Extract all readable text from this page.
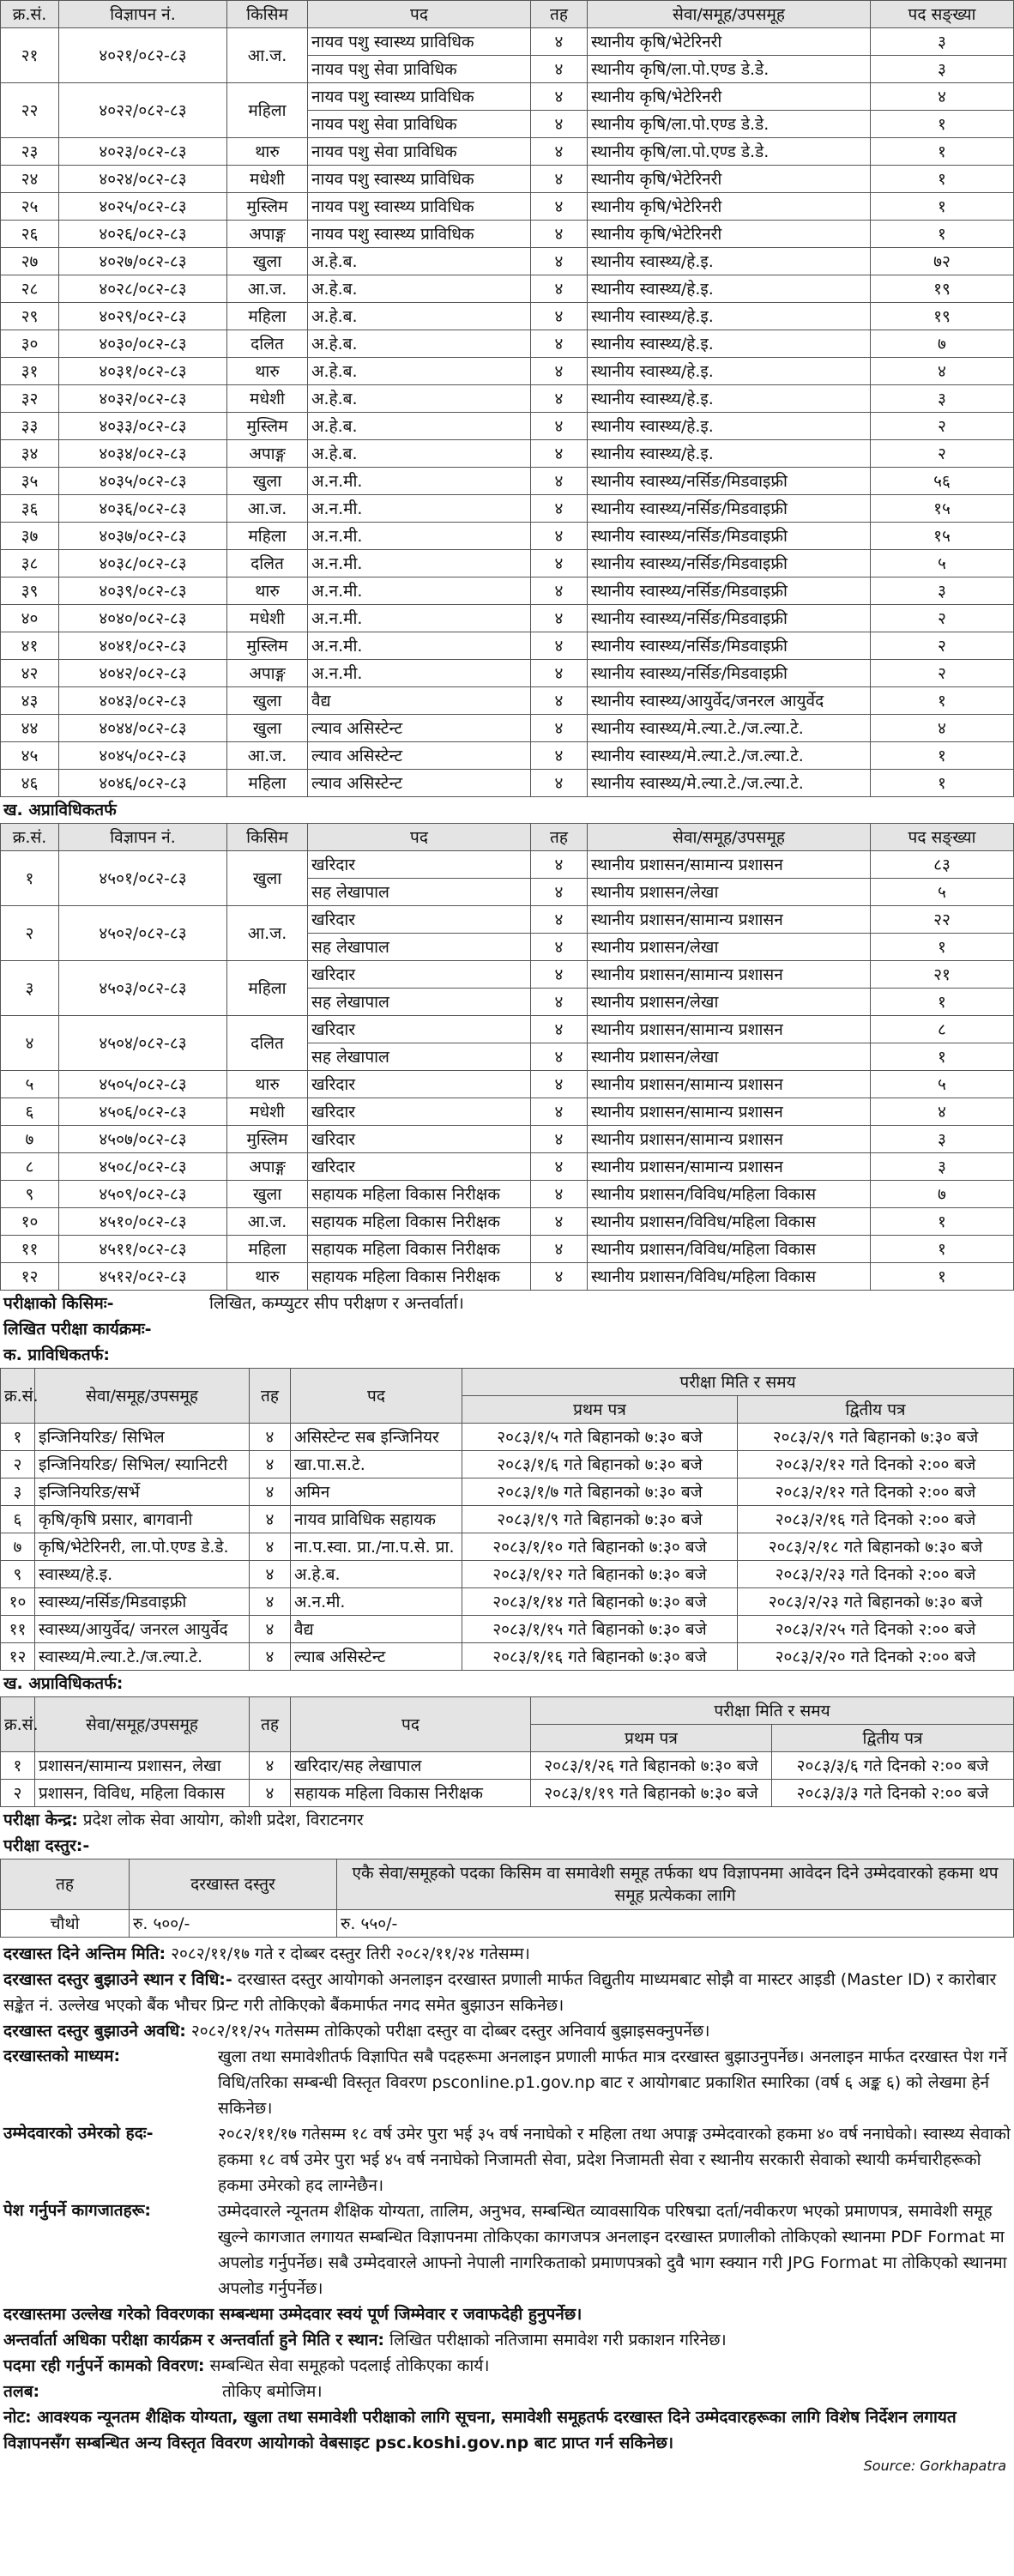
क्र.सं.	विज्ञापन नं.	किसिम	पद	तह	सेवा/समूह/उपसमूह	पद सङ्ख्या
२१	४०२१/०८२-८३	आ.ज.	नायव पशु स्वास्थ्य प्राविधिक	४	स्थानीय कृषि/भेटेरिनरी	३
			नायव पशु सेवा प्राविधिक	४	स्थानीय कृषि/ला.पो.एण्ड डे.डे.	३
२२	४०२२/०८२-८३	महिला	नायव पशु स्वास्थ्य प्राविधिक	४	स्थानीय कृषि/भेटेरिनरी	४
			नायव पशु सेवा प्राविधिक	४	स्थानीय कृषि/ला.पो.एण्ड डे.डे.	१
२३	४०२३/०८२-८३	थारु	नायव पशु सेवा प्राविधिक	४	स्थानीय कृषि/ला.पो.एण्ड डे.डे.	१
२४	४०२४/०८२-८३	मधेशी	नायव पशु स्वास्थ्य प्राविधिक	४	स्थानीय कृषि/भेटेरिनरी	१
२५	४०२५/०८२-८३	मुस्लिम	नायव पशु स्वास्थ्य प्राविधिक	४	स्थानीय कृषि/भेटेरिनरी	१
२६	४०२६/०८२-८३	अपाङ्ग	नायव पशु स्वास्थ्य प्राविधिक	४	स्थानीय कृषि/भेटेरिनरी	१
२७	४०२७/०८२-८३	खुला	अ.हे.ब.	४	स्थानीय स्वास्थ्य/हे.इ.	७२
२८	४०२८/०८२-८३	आ.ज.	अ.हे.ब.	४	स्थानीय स्वास्थ्य/हे.इ.	१९
२९	४०२९/०८२-८३	महिला	अ.हे.ब.	४	स्थानीय स्वास्थ्य/हे.इ.	१९
३०	४०३०/०८२-८३	दलित	अ.हे.ब.	४	स्थानीय स्वास्थ्य/हे.इ.	७
३१	४०३१/०८२-८३	थारु	अ.हे.ब.	४	स्थानीय स्वास्थ्य/हे.इ.	४
३२	४०३२/०८२-८३	मधेशी	अ.हे.ब.	४	स्थानीय स्वास्थ्य/हे.इ.	३
३३	४०३३/०८२-८३	मुस्लिम	अ.हे.ब.	४	स्थानीय स्वास्थ्य/हे.इ.	२
३४	४०३४/०८२-८३	अपाङ्ग	अ.हे.ब.	४	स्थानीय स्वास्थ्य/हे.इ.	२
३५	४०३५/०८२-८३	खुला	अ.न.मी.	४	स्थानीय स्वास्थ्य/नर्सिङ/मिडवाइफ्री	५६
३६	४०३६/०८२-८३	आ.ज.	अ.न.मी.	४	स्थानीय स्वास्थ्य/नर्सिङ/मिडवाइफ्री	१५
३७	४०३७/०८२-८३	महिला	अ.न.मी.	४	स्थानीय स्वास्थ्य/नर्सिङ/मिडवाइफ्री	१५
३८	४०३८/०८२-८३	दलित	अ.न.मी.	४	स्थानीय स्वास्थ्य/नर्सिङ/मिडवाइफ्री	५
३९	४०३९/०८२-८३	थारु	अ.न.मी.	४	स्थानीय स्वास्थ्य/नर्सिङ/मिडवाइफ्री	३
४०	४०४०/०८२-८३	मधेशी	अ.न.मी.	४	स्थानीय स्वास्थ्य/नर्सिङ/मिडवाइफ्री	२
४१	४०४१/०८२-८३	मुस्लिम	अ.न.मी.	४	स्थानीय स्वास्थ्य/नर्सिङ/मिडवाइफ्री	२
४२	४०४२/०८२-८३	अपाङ्ग	अ.न.मी.	४	स्थानीय स्वास्थ्य/नर्सिङ/मिडवाइफ्री	२
४३	४०४३/०८२-८३	खुला	वैद्य	४	स्थानीय स्वास्थ्य/आयुर्वेद/जनरल आयुर्वेद	१
४४	४०४४/०८२-८३	खुला	ल्याव असिस्टेन्ट	४	स्थानीय स्वास्थ्य/मे.ल्या.टे./ज.ल्या.टे.	४
४५	४०४५/०८२-८३	आ.ज.	ल्याव असिस्टेन्ट	४	स्थानीय स्वास्थ्य/मे.ल्या.टे./ज.ल्या.टे.	१
४६	४०४६/०८२-८३	महिला	ल्याव असिस्टेन्ट	४	स्थानीय स्वास्थ्य/मे.ल्या.टे./ज.ल्या.टे.	१
ख. अप्राविधिकतर्फ
क्र.सं.	विज्ञापन नं.	किसिम	पद	तह	सेवा/समूह/उपसमूह	पद सङ्ख्या
१	४५०१/०८२-८३	खुला	खरिदार	४	स्थानीय प्रशासन/सामान्य प्रशासन	८३
			सह लेखापाल	४	स्थानीय प्रशासन/लेखा	५
२	४५०२/०८२-८३	आ.ज.	खरिदार	४	स्थानीय प्रशासन/सामान्य प्रशासन	२२
			सह लेखापाल	४	स्थानीय प्रशासन/लेखा	१
३	४५०३/०८२-८३	महिला	खरिदार	४	स्थानीय प्रशासन/सामान्य प्रशासन	२१
			सह लेखापाल	४	स्थानीय प्रशासन/लेखा	१
४	४५०४/०८२-८३	दलित	खरिदार	४	स्थानीय प्रशासन/सामान्य प्रशासन	८
			सह लेखापाल	४	स्थानीय प्रशासन/लेखा	१
५	४५०५/०८२-८३	थारु	खरिदार	४	स्थानीय प्रशासन/सामान्य प्रशासन	५
६	४५०६/०८२-८३	मधेशी	खरिदार	४	स्थानीय प्रशासन/सामान्य प्रशासन	४
७	४५०७/०८२-८३	मुस्लिम	खरिदार	४	स्थानीय प्रशासन/सामान्य प्रशासन	३
८	४५०८/०८२-८३	अपाङ्ग	खरिदार	४	स्थानीय प्रशासन/सामान्य प्रशासन	३
९	४५०९/०८२-८३	खुला	सहायक महिला विकास निरीक्षक	४	स्थानीय प्रशासन/विविध/महिला विकास	७
१०	४५१०/०८२-८३	आ.ज.	सहायक महिला विकास निरीक्षक	४	स्थानीय प्रशासन/विविध/महिला विकास	१
११	४५११/०८२-८३	महिला	सहायक महिला विकास निरीक्षक	४	स्थानीय प्रशासन/विविध/महिला विकास	१
१२	४५१२/०८२-८३	थारु	सहायक महिला विकास निरीक्षक	४	स्थानीय प्रशासन/विविध/महिला विकास	१
परीक्षाको किसिमः-	लिखित, कम्प्युटर सीप परीक्षण र अन्तर्वार्ता।
लिखित परीक्षा कार्यक्रमः-
क. प्राविधिकतर्फ:
क्र.सं.	सेवा/समूह/उपसमूह	तह	पद	परीक्षा मिति र समय	
				प्रथम पत्र	द्वितीय पत्र
१	इन्जिनियरिङ/ सिभिल	४	असिस्टेन्ट सब इन्जिनियर	२०८३/१/५ गते बिहानको ७:३० बजे	२०८३/२/९ गते बिहानको ७:३० बजे
२	इन्जिनियरिङ/ सिभिल/ स्यानिटरी	४	खा.पा.स.टे.	२०८३/१/६ गते बिहानको ७:३० बजे	२०८३/२/१२ गते दिनको २:०० बजे
३	इन्जिनियरिङ/सर्भे	४	अमिन	२०८३/१/७ गते बिहानको ७:३० बजे	२०८३/२/१२ गते दिनको २:०० बजे
६	कृषि/कृषि प्रसार, बागवानी	४	नायव प्राविधिक सहायक	२०८३/१/९ गते बिहानको ७:३० बजे	२०८३/२/१६ गते दिनको २:०० बजे
७	कृषि/भेटेरिनरी, ला.पो.एण्ड डे.डे.	४	ना.प.स्वा. प्रा./ना.प.से. प्रा.	२०८३/१/१० गते बिहानको ७:३० बजे	२०८३/२/१८ गते बिहानको ७:३० बजे
९	स्वास्थ्य/हे.इ.	४	अ.हे.ब.	२०८३/१/१२ गते बिहानको ७:३० बजे	२०८३/२/२३ गते दिनको २:०० बजे
१०	स्वास्थ्य/नर्सिङ/मिडवाइफ्री	४	अ.न.मी.	२०८३/१/१४ गते बिहानको ७:३० बजे	२०८३/२/२३ गते बिहानको ७:३० बजे
११	स्वास्थ्य/आयुर्वेद/ जनरल आयुर्वेद	४	वैद्य	२०८३/१/१५ गते बिहानको ७:३० बजे	२०८३/२/२५ गते दिनको २:०० बजे
१२	स्वास्थ्य/मे.ल्या.टे./ज.ल्या.टे.	४	ल्याब असिस्टेन्ट	२०८३/१/१६ गते बिहानको ७:३० बजे	२०८३/२/२० गते दिनको २:०० बजे
ख. अप्राविधिकतर्फ:
क्र.सं.	सेवा/समूह/उपसमूह	तह	पद	परीक्षा मिति र समय	
				प्रथम पत्र	द्वितीय पत्र
१	प्रशासन/सामान्य प्रशासन, लेखा	४	खरिदार/सह लेखापाल	२०८३/१/२६ गते बिहानको ७:३० बजे	२०८३/३/६ गते दिनको २:०० बजे
२	प्रशासन, विविध, महिला विकास	४	सहायक महिला विकास निरीक्षक	२०८३/१/१९ गते बिहानको ७:३० बजे	२०८३/३/३ गते दिनको २:०० बजे
परीक्षा केन्द्र: प्रदेश लोक सेवा आयोग, कोशी प्रदेश, विराटनगर
परीक्षा दस्तुर:-
तह	दरखास्त दस्तुर	एकै सेवा/समूहको पदका किसिम वा समावेशी समूह तर्फका थप विज्ञापनमा आवेदन दिने उम्मेदवारको हकमा थप समूह प्रत्येकका लागि
चौथो	रु. ५००/-	रु. ५५०/-
दरखास्त दिने अन्तिम मिति: २०८२/११/१७ गते र दोब्बर दस्तुर तिरी २०८२/११/२४ गतेसम्म।
दरखास्त दस्तुर बुझाउने स्थान र विधि:- दरखास्त दस्तुर आयोगको अनलाइन दरखास्त प्रणाली मार्फत विद्युतीय माध्यमबाट सोझै वा मास्टर आइडी (Master ID) र कारोबार सङ्केत नं. उल्लेख भएको बैंक भौचर प्रिन्ट गरी तोकिएको बैंकमार्फत नगद समेत बुझाउन सकिनेछ।
दरखास्त दस्तुर बुझाउने अवधि: २०८२/११/२५ गतेसम्म तोकिएको परीक्षा दस्तुर वा दोब्बर दस्तुर अनिवार्य बुझाइसक्नुपर्नेछ।
दरखास्तको माध्यम:	खुला तथा समावेशीतर्फ विज्ञापित सबै पदहरूमा अनलाइन प्रणाली मार्फत मात्र दरखास्त बुझाउनुपर्नेछ। अनलाइन मार्फत दरखास्त पेश गर्ने विधि/तरिका सम्बन्धी विस्तृत विवरण psconline.p1.gov.np बाट र आयोगबाट प्रकाशित स्मारिका (वर्ष ६ अङ्क ६) को लेखमा हेर्न सकिनेछ।
उम्मेदवारको उमेरको हदः-	२०८२/११/१७ गतेसम्म १८ वर्ष उमेर पुरा भई ३५ वर्ष ननाघेको र महिला तथा अपाङ्ग उम्मेदवारको हकमा ४० वर्ष ननाघेको। स्वास्थ्य सेवाको हकमा १८ वर्ष उमेर पुरा भई ४५ वर्ष ननाघेको निजामती सेवा, प्रदेश निजामती सेवा र स्थानीय सरकारी सेवाको स्थायी कर्मचारीहरूको हकमा उमेरको हद लाग्नेछैन।
पेश गर्नुपर्ने कागजातहरू:	उम्मेदवारले न्यूनतम शैक्षिक योग्यता, तालिम, अनुभव, सम्बन्धित व्यावसायिक परिषद्मा दर्ता/नवीकरण भएको प्रमाणपत्र, समावेशी समूह खुल्ने कागजात लगायत सम्बन्धित विज्ञापनमा तोकिएका कागजपत्र अनलाइन दरखास्त प्रणालीको तोकिएको स्थानमा PDF Format मा अपलोड गर्नुपर्नेछ। सबै उम्मेदवारले आफ्नो नेपाली नागरिकताको प्रमाणपत्रको दुवै भाग स्क्यान गरी JPG Format मा तोकिएको स्थानमा अपलोड गर्नुपर्नेछ।
दरखास्तमा उल्लेख गरेको विवरणका सम्बन्धमा उम्मेदवार स्वयं पूर्ण जिम्मेवार र जवाफदेही हुनुपर्नेछ।
अन्तर्वार्ता अधिका परीक्षा कार्यक्रम र अन्तर्वार्ता हुने मिति र स्थान: लिखित परीक्षाको नतिजामा समावेश गरी प्रकाशन गरिनेछ।
पदमा रही गर्नुपर्ने कामको विवरण: सम्बन्धित सेवा समूहको पदलाई तोकिएका कार्य।
तलब:	तोकिए बमोजिम।
नोट: आवश्यक न्यूनतम शैक्षिक योग्यता, खुला तथा समावेशी परीक्षाको लागि सूचना, समावेशी समूहतर्फ दरखास्त दिने उम्मेदवारहरूका लागि विशेष निर्देशन लगायत विज्ञापनसँग सम्बन्धित अन्य विस्तृत विवरण आयोगको वेबसाइट psc.koshi.gov.np बाट प्राप्त गर्न सकिनेछ।
Source: Gorkhapatra
